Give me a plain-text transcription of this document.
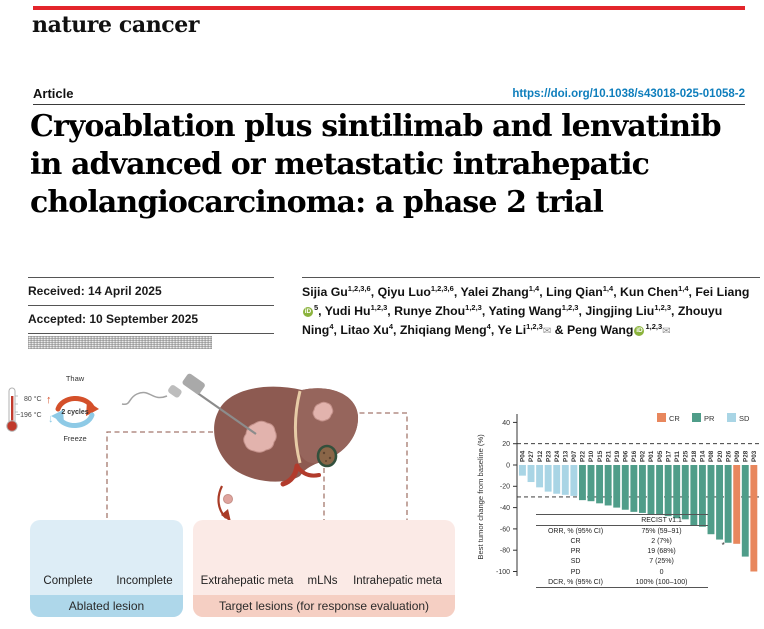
nature cancer
Article	https://doi.org/10.1038/s43018-025-01058-2
Cryoablation plus sintilimab and lenvatinib
in advanced or metastatic intrahepatic
cholangiocarcinoma: a phase 2 trial
Received: 14 April 2025
Accepted: 10 September 2025

Sijia Gu$^{1,2,3,6}$, Qiyu Luo$^{1,2,3,6}$, Yalei Zhang$^{1,4}$, Ling Qian$^{1,4}$, Kun Chen$^{1,4}$, Fei LiangiD $^5$, Yudi Hu$^{1,2,3}$, Runye Zhou$^{1,2,3}$, Yating Wang$^{1,2,3}$, Jingjing Liu$^{1,2,3}$, Zhouyu Ning$^4$, Litao Xu$^4$, Zhiqiang Meng$^4$, Ye Li$^{1,2,3}$✉ & Peng Wang iD $^{1,2,3}$✉

80 °C ↑
−196 °C ↓
Thaw
2 cycles
Freeze
Complete	Incomplete
Ablated lesion
Extrahepatic meta	mLNs	Intrahepatic meta
Target lesions (for response evaluation)
40
20
0
-20
-40
-60
-80
-100
Best tumor change from baseline (%)	P04 P27 P12 P23 P24 P13 P07 P22 P10 P15 P21 P19 P06 P16 P02 P01 P05 P17 P11 P25 P18 P14 P08 P20 P26 P09 P28 P03
*
CR	PR	SD
RECIST v1.1
ORR, % (95% CI)	75% (59–91)
CR	2 (7%)
PR	19 (68%)
SD	7 (25%)
PD	0
DCR, % (95% CI)	100% (100–100)
